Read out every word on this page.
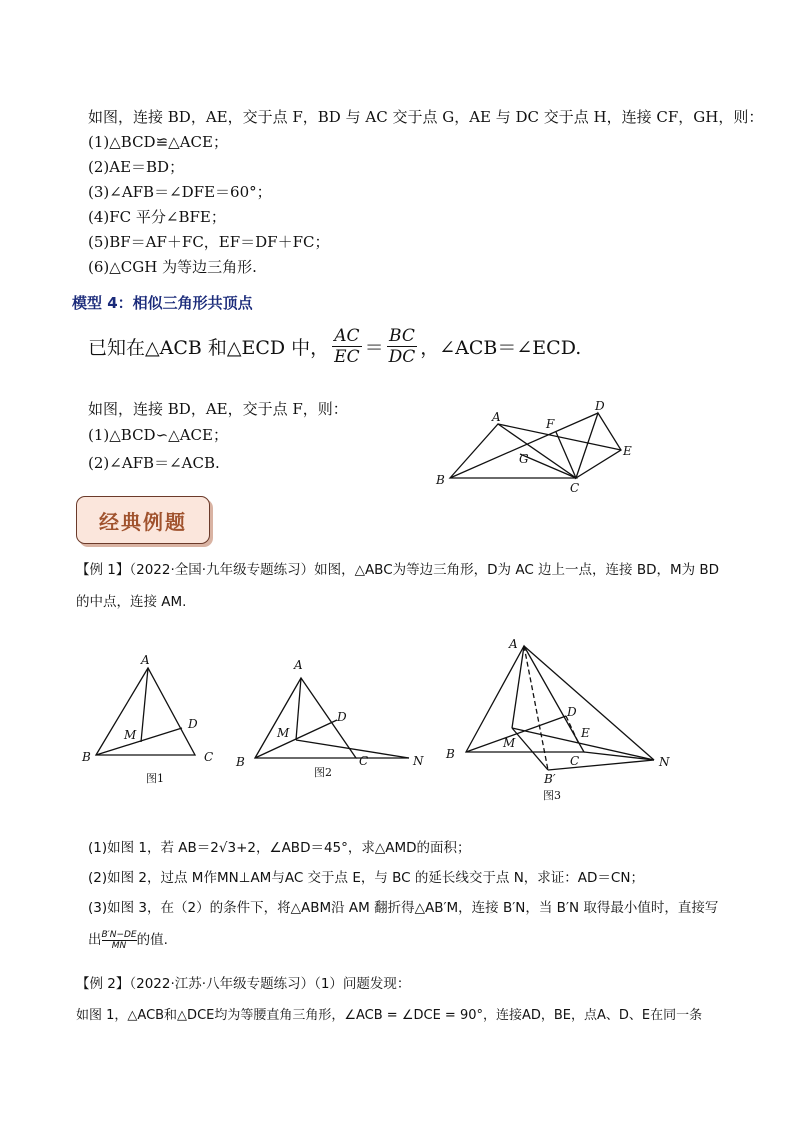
如图，连接 BD，AE，交于点 F，BD 与 AC 交于点 G，AE 与 DC 交于点 H，连接 CF，GH，则：
(1)△BCD≌△ACE；
(2)AE＝BD；
(3)∠AFB＝∠DFE＝60°；
(4)FC 平分∠BFE；
(5)BF＝AF＋FC，EF＝DF＋FC；
(6)△CGH 为等边三角形.
模型 4：相似三角形共顶点
已知在△ACB 和△ECD 中， $\frac{AC}{EC} = \frac{BC}{DC}$ ，∠ACB＝∠ECD.
如图，连接 BD，AE，交于点 F，则：
(1)△BCD∽△ACE；
(2)∠AFB＝∠ACB.
A
B
C
D
E
F
G
经典例题
【例 1】（2022·全国·九年级专题练习）如图，△ABC为等边三角形，D为 AC 边上一点，连接 BD，M为 BD
的中点，连接 AM.
A
B	C
D
M
图1
A
B	C
D
M
N
图2
A
B	C
D
E
M
N
B′
图3
(1)如图 1，若 AB＝2√3+2，∠ABD＝45°，求△AMD的面积；
(2)如图 2，过点 M作MN⊥AM与AC 交于点 E，与 BC 的延长线交于点 N，求证：AD＝CN；
(3)如图 3，在（2）的条件下，将△ABM沿 AM 翻折得△AB′M，连接 B′N，当 B′N 取得最小值时，直接写
出 $\frac{B'N-DE}{MN}$ 的值.
【例 2】（2022·江苏·八年级专题练习）（1）问题发现：
如图 1，△ACB和△DCE均为等腰直角三角形，∠ACB = ∠DCE = 90°，连接AD，BE，点A、D、E在同一条
